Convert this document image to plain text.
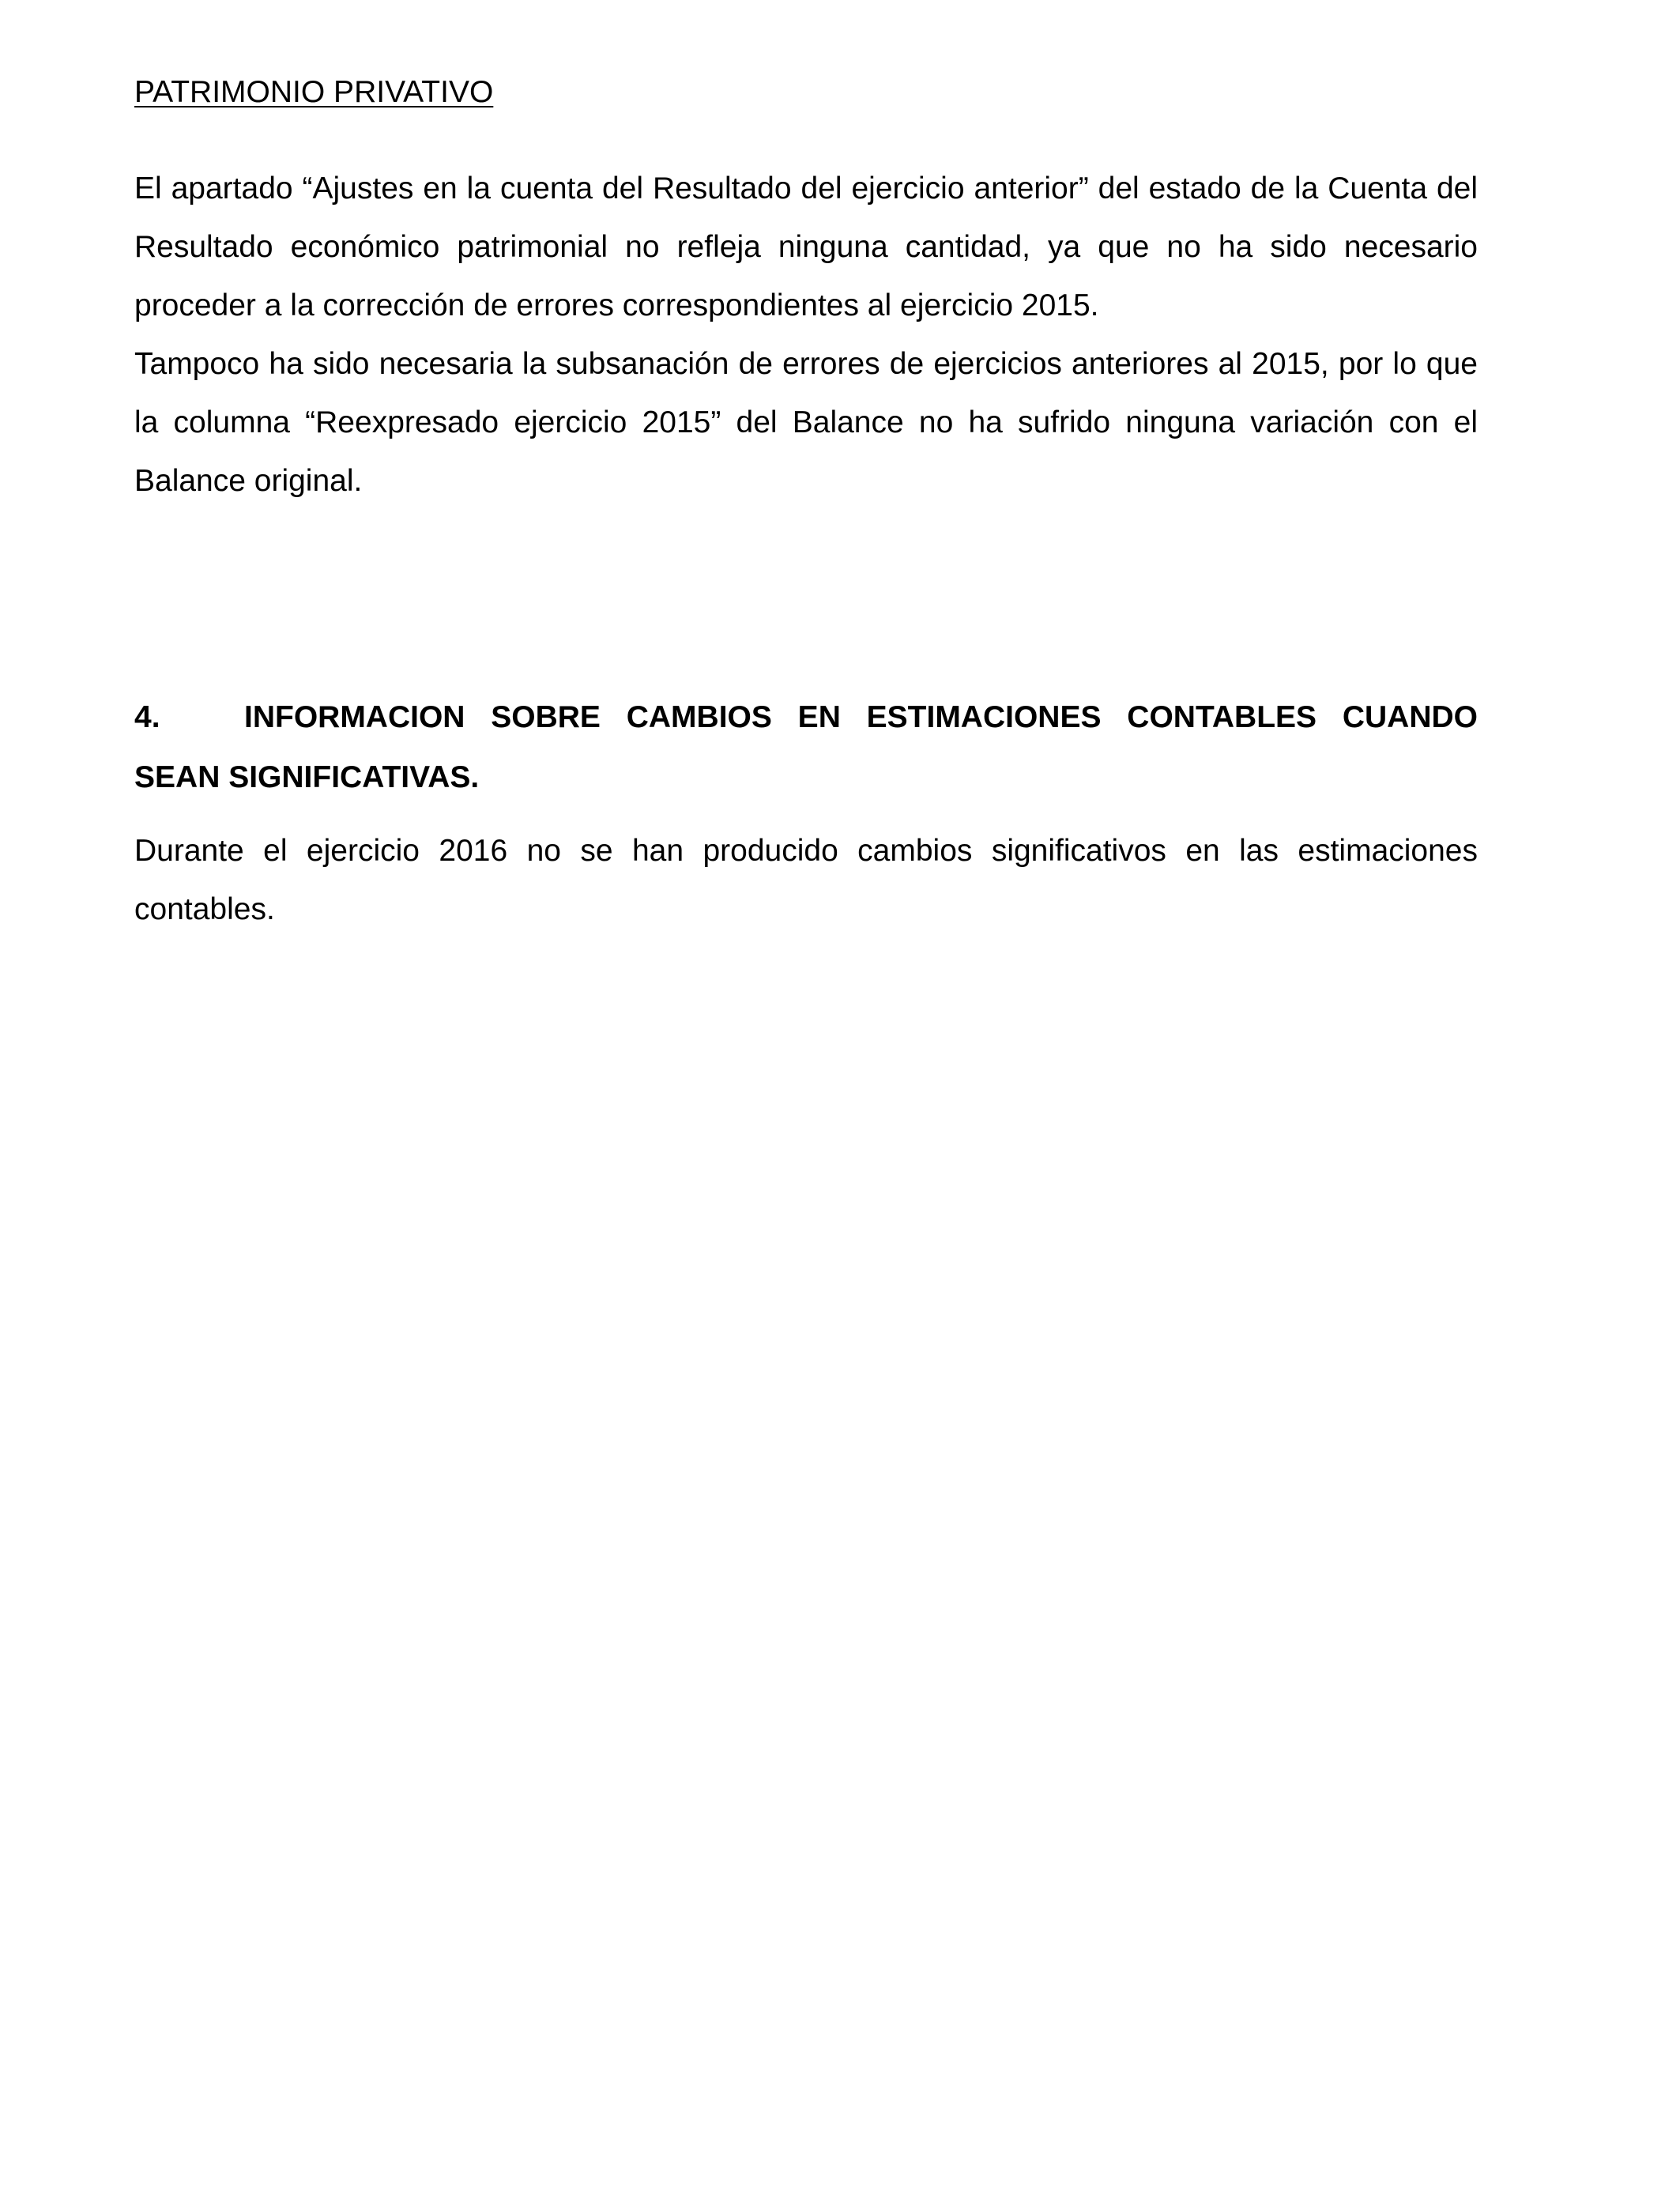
PATRIMONIO PRIVATIVO

El apartado “Ajustes en la cuenta del Resultado del ejercicio anterior” del estado de la Cuenta del Resultado económico patrimonial no refleja ninguna cantidad, ya que no ha sido necesario proceder a la corrección de errores correspondientes al ejercicio 2015.

Tampoco ha sido necesaria la subsanación de errores de ejercicios anteriores al 2015, por lo que la columna “Reexpresado ejercicio 2015” del Balance no ha sufrido ninguna variación con el Balance original.

4.	INFORMACION SOBRE CAMBIOS EN ESTIMACIONES CONTABLES CUANDO
SEAN SIGNIFICATIVAS.

Durante el ejercicio 2016 no se han producido cambios significativos en las estimaciones contables.
